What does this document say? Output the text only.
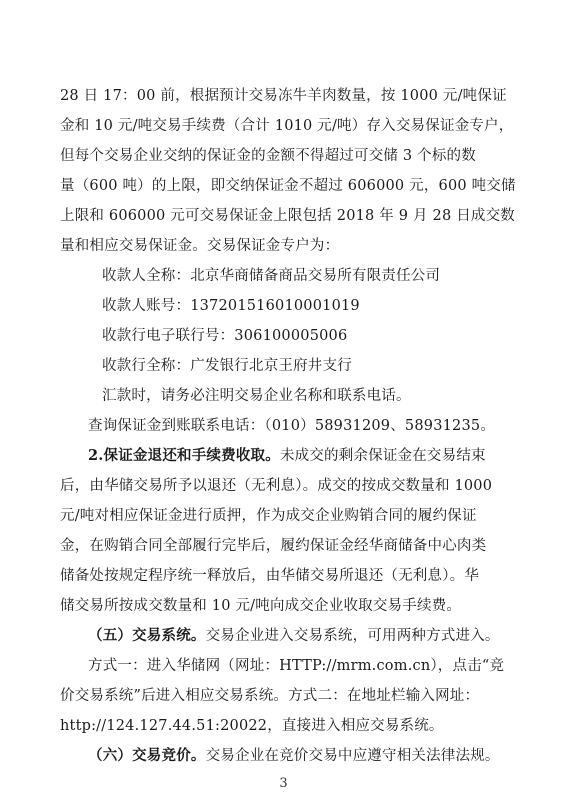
28 日 17：00 前，根据预计交易冻牛羊肉数量，按 1000 元/吨保证
金和 10 元/吨交易手续费（合计 1010 元/吨）存入交易保证金专户，
但每个交易企业交纳的保证金的金额不得超过可交储 3 个标的数
量（600 吨）的上限，即交纳保证金不超过 606000 元，600 吨交储
上限和 606000 元可交易保证金上限包括 2018 年 9 月 28 日成交数
量和相应交易保证金。交易保证金专户为：
收款人全称：北京华商储备商品交易所有限责任公司
收款人账号：137201516010001019
收款行电子联行号：306100005006
收款行全称：广发银行北京王府井支行
汇款时，请务必注明交易企业名称和联系电话。
查询保证金到账联系电话：（010）58931209、58931235。
2.保证金退还和手续费收取。未成交的剩余保证金在交易结束
后，由华储交易所予以退还（无利息）。成交的按成交数量和 1000
元/吨对相应保证金进行质押，作为成交企业购销合同的履约保证
金，在购销合同全部履行完毕后，履约保证金经华商储备中心肉类
储备处按规定程序统一释放后，由华储交易所退还（无利息）。华
储交易所按成交数量和 10 元/吨向成交企业收取交易手续费。
（五）交易系统。交易企业进入交易系统，可用两种方式进入。
方式一：进入华储网（网址：HTTP://mrm.com.cn），点击“竞
价交易系统”后进入相应交易系统。方式二：在地址栏输入网址：
http://124.127.44.51:20022，直接进入相应交易系统。
（六）交易竞价。交易企业在竞价交易中应遵守相关法律法规。
3
